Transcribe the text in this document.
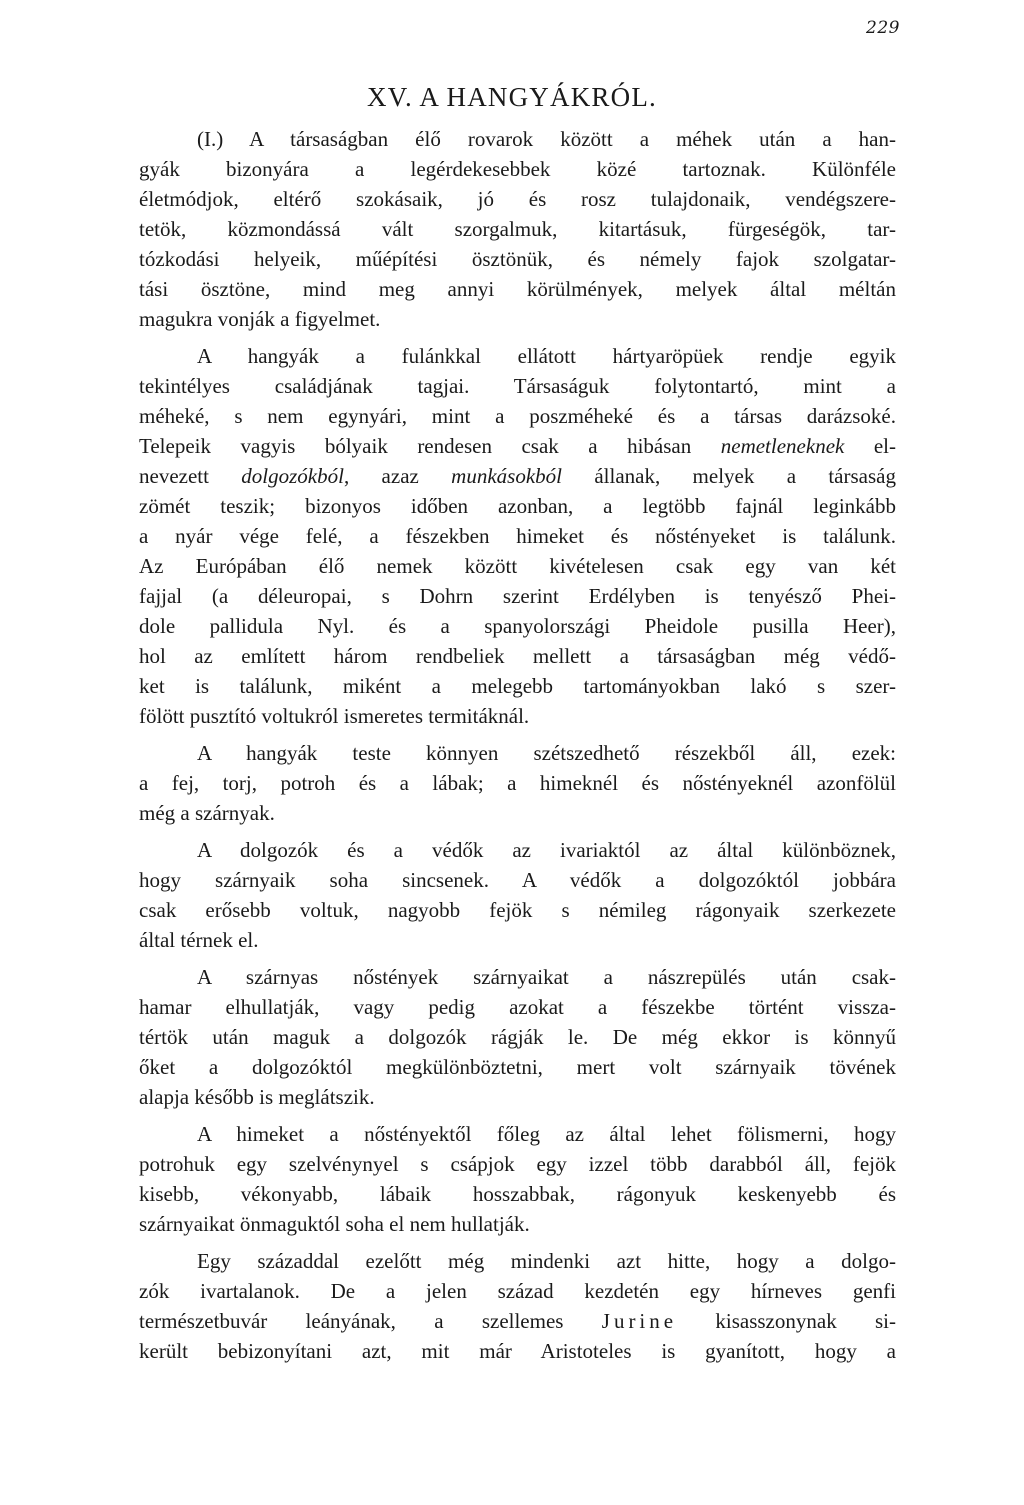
229
XV. A HANGYÁKRÓL.
(I.) A társaságban élő rovarok között a méhek után a han-
gyák bizonyára a legérdekesebbek közé tartoznak. Különféle
életmódjok, eltérő szokásaik, jó és rosz tulajdonaik, vendégszere-
tetök, közmondássá vált szorgalmuk, kitartásuk, fürgeségök, tar-
tózkodási helyeik, műépítési ösztönük, és némely fajok szolgatar-
tási ösztöne, mind meg annyi körülmények, melyek által méltán
magukra vonják a figyelmet.
A hangyák a fulánkkal ellátott hártyaröpüek rendje egyik
tekintélyes családjának tagjai. Társaságuk folytontartó, mint a
méheké, s nem egynyári, mint a poszméheké és a társas darázsoké.
Telepeik vagyis bólyaik rendesen csak a hibásan nemetleneknek el-
nevezett dolgozókból, azaz munkásokból állanak, melyek a társaság
zömét teszik; bizonyos időben azonban, a legtöbb fajnál leginkább
a nyár vége felé, a fészekben himeket és nőstényeket is találunk.
Az Európában élő nemek között kivételesen csak egy van két
fajjal (a déleuropai, s Dohrn szerint Erdélyben is tenyésző Phei-
dole pallidula Nyl. és a spanyolországi Pheidole pusilla Heer),
hol az említett három rendbeliek mellett a társaságban még védő-
ket is találunk, miként a melegebb tartományokban lakó s szer-
fölött pusztító voltukról ismeretes termitáknál.
A hangyák teste könnyen szétszedhető részekből áll, ezek:
a fej, torj, potroh és a lábak; a himeknél és nőstényeknél azonfölül
még a szárnyak.
A dolgozók és a védők az ivariaktól az által különböznek,
hogy szárnyaik soha sincsenek. A védők a dolgozóktól jobbára
csak erősebb voltuk, nagyobb fejök s némileg rágonyaik szerkezete
által térnek el.
A szárnyas nőstények szárnyaikat a nászrepülés után csak-
hamar elhullatják, vagy pedig azokat a fészekbe történt vissza-
tértök után maguk a dolgozók rágják le. De még ekkor is könnyű
őket a dolgozóktól megkülönböztetni, mert volt szárnyaik tövének
alapja később is meglátszik.
A himeket a nőstényektől főleg az által lehet fölismerni, hogy
potrohuk egy szelvénynyel s csápjok egy izzel több darabból áll, fejök
kisebb, vékonyabb, lábaik hosszabbak, rágonyuk keskenyebb és
szárnyaikat önmaguktól soha el nem hullatják.
Egy századdal ezelőtt még mindenki azt hitte, hogy a dolgo-
zók ivartalanok. De a jelen század kezdetén egy hírneves genfi
természetbuvár leányának, a szellemes Jurine kisasszonynak si-
került bebizonyítani azt, mit már Aristoteles is gyanított, hogy a
